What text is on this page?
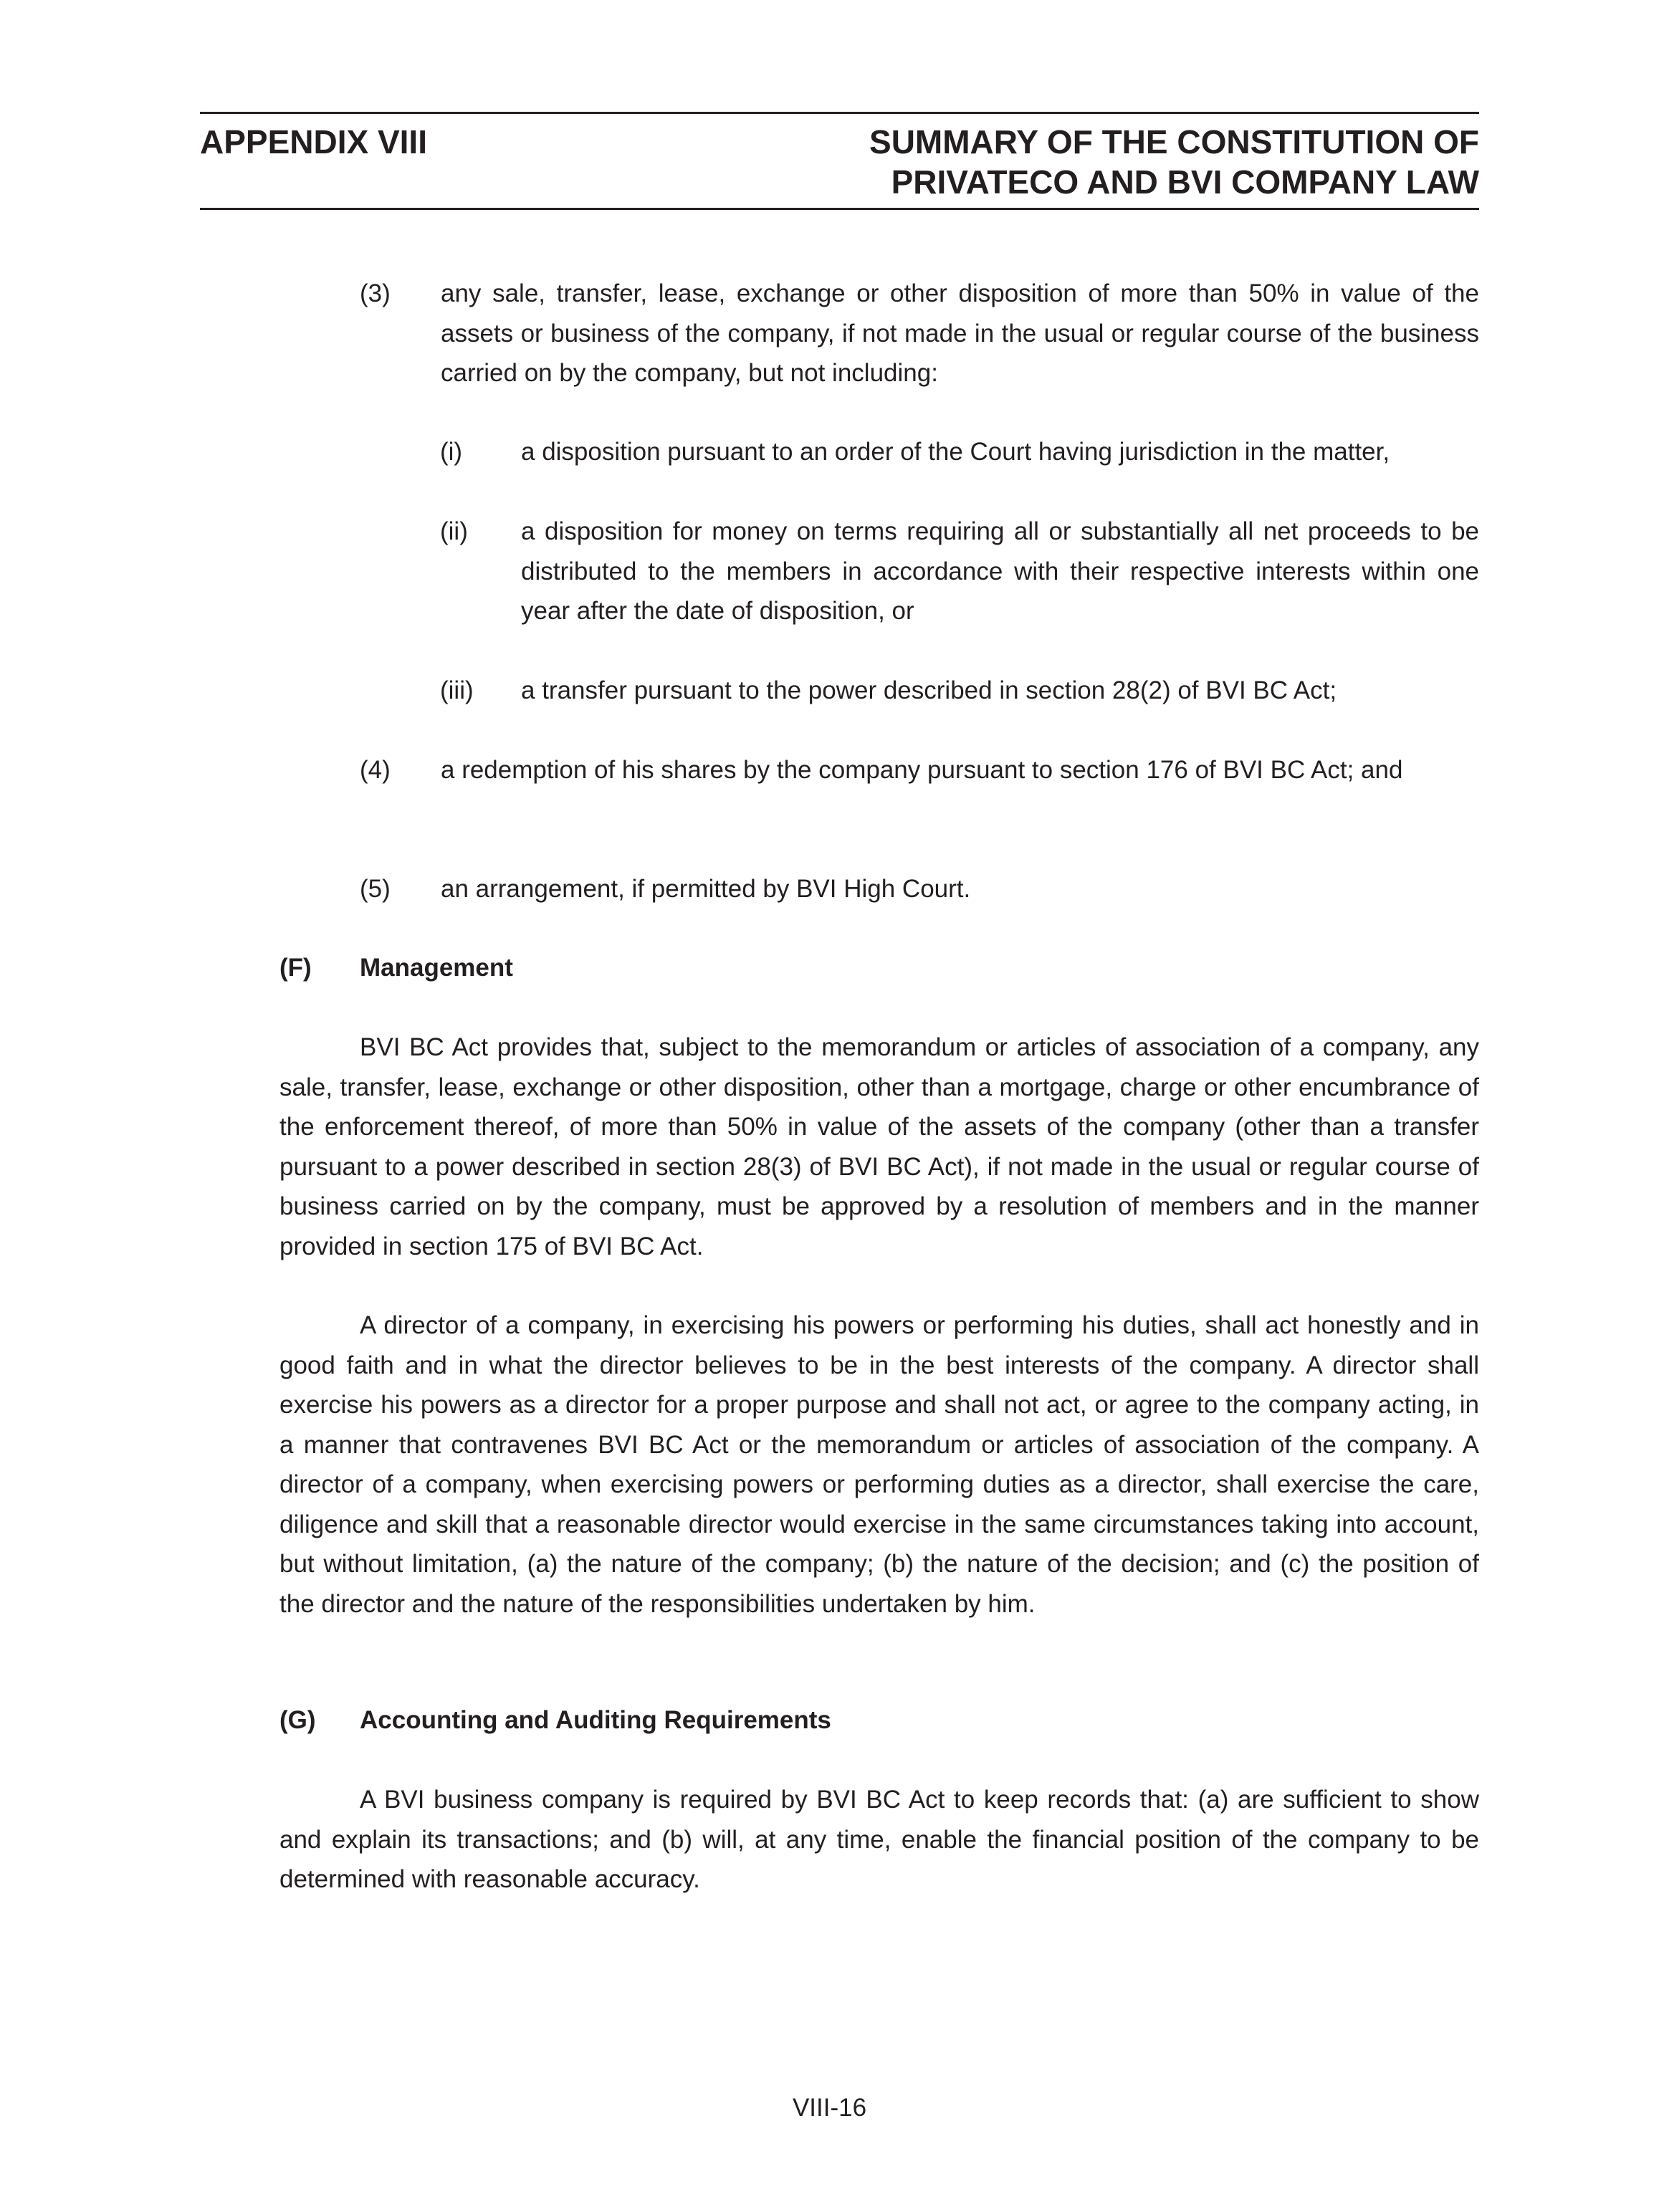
APPENDIX VIII	SUMMARY OF THE CONSTITUTION OF
PRIVATECO AND BVI COMPANY LAW
(3) any sale, transfer, lease, exchange or other disposition of more than 50% in value of the assets or business of the company, if not made in the usual or regular course of the business carried on by the company, but not including:
(i) a disposition pursuant to an order of the Court having jurisdiction in the matter,
(ii) a disposition for money on terms requiring all or substantially all net proceeds to be distributed to the members in accordance with their respective interests within one year after the date of disposition, or
(iii) a transfer pursuant to the power described in section 28(2) of BVI BC Act;
(4) a redemption of his shares by the company pursuant to section 176 of BVI BC Act; and
(5) an arrangement, if permitted by BVI High Court.
(F) Management
BVI BC Act provides that, subject to the memorandum or articles of association of a company, any sale, transfer, lease, exchange or other disposition, other than a mortgage, charge or other encumbrance of the enforcement thereof, of more than 50% in value of the assets of the company (other than a transfer pursuant to a power described in section 28(3) of BVI BC Act), if not made in the usual or regular course of business carried on by the company, must be approved by a resolution of members and in the manner provided in section 175 of BVI BC Act.
A director of a company, in exercising his powers or performing his duties, shall act honestly and in good faith and in what the director believes to be in the best interests of the company. A director shall exercise his powers as a director for a proper purpose and shall not act, or agree to the company acting, in a manner that contravenes BVI BC Act or the memorandum or articles of association of the company. A director of a company, when exercising powers or performing duties as a director, shall exercise the care, diligence and skill that a reasonable director would exercise in the same circumstances taking into account, but without limitation, (a) the nature of the company; (b) the nature of the decision; and (c) the position of the director and the nature of the responsibilities undertaken by him.
(G) Accounting and Auditing Requirements
A BVI business company is required by BVI BC Act to keep records that: (a) are sufficient to show and explain its transactions; and (b) will, at any time, enable the financial position of the company to be determined with reasonable accuracy.
VIII-16
